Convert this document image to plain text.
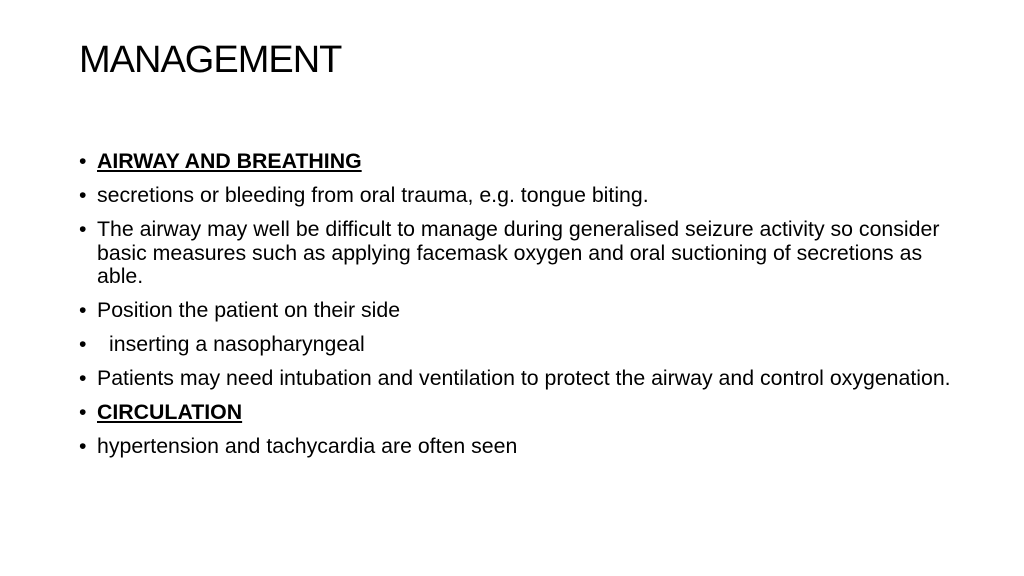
MANAGEMENT
• AIRWAY AND BREATHING
• secretions or bleeding from oral trauma, e.g. tongue biting.
• The airway may well be difficult to manage during generalised seizure activity so consider basic measures such as applying facemask oxygen and oral suctioning of secretions as able.
• Position the patient on their side
• inserting a nasopharyngeal
• Patients may need intubation and ventilation to protect the airway and control oxygenation.
• CIRCULATION
• hypertension and tachycardia are often seen
